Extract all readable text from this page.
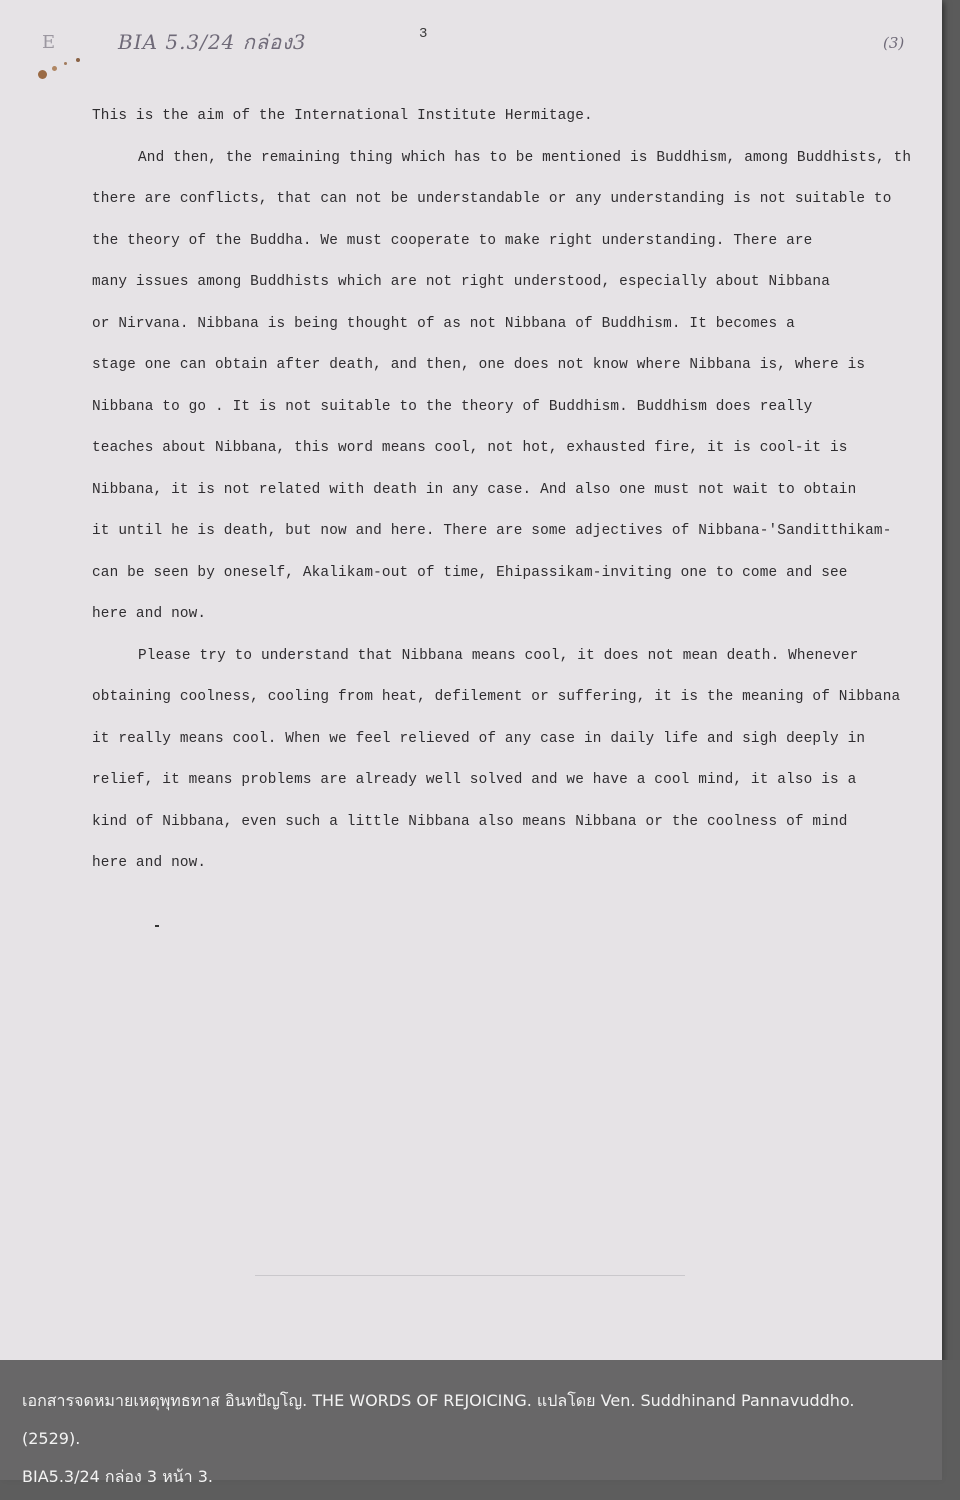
E	BIA 5.3/24 กล่อง3	3	(3)
This is the aim of the International Institute Hermitage.
And then, the remaining thing which has to be mentioned is Buddhism, among Buddhists, th
there are conflicts, that can not be understandable or any understanding is not suitable to
the theory of the Buddha. We must cooperate to make right understanding. There are
many issues among Buddhists which are not right understood, especially about Nibbana
or Nirvana. Nibbana is being thought of as not Nibbana of Buddhism. It becomes a
stage one can obtain after death, and then, one does not know where Nibbana is, where is
Nibbana to go . It is not suitable to the theory of Buddhism. Buddhism does really
teaches about Nibbana, this word means cool, not hot, exhausted fire, it is cool-it is
Nibbana, it is not related with death in any case. And also one must not wait to obtain
it until he is death, but now and here. There are some adjectives of Nibbana-'Sanditthikam-
can be seen by oneself, Akalikam-out of time, Ehipassikam-inviting one to come and see
here and now.
Please try to understand that Nibbana means cool, it does not mean death. Whenever
obtaining coolness, cooling from heat, defilement or suffering, it is the meaning of Nibbana
it really means cool. When we feel relieved of any case in daily life and sigh deeply in
relief, it means problems are already well solved and we have a cool mind, it also is a
kind of Nibbana, even such a little Nibbana also means Nibbana or the coolness of mind
here and now.
เอกสารจดหมายเหตุพุทธทาส อินทปัญโญ. THE WORDS OF REJOICING. แปลโดย Ven. Suddhinand Pannavuddho.
(2529).
BIA5.3/24 กล่อง 3 หน้า 3.
